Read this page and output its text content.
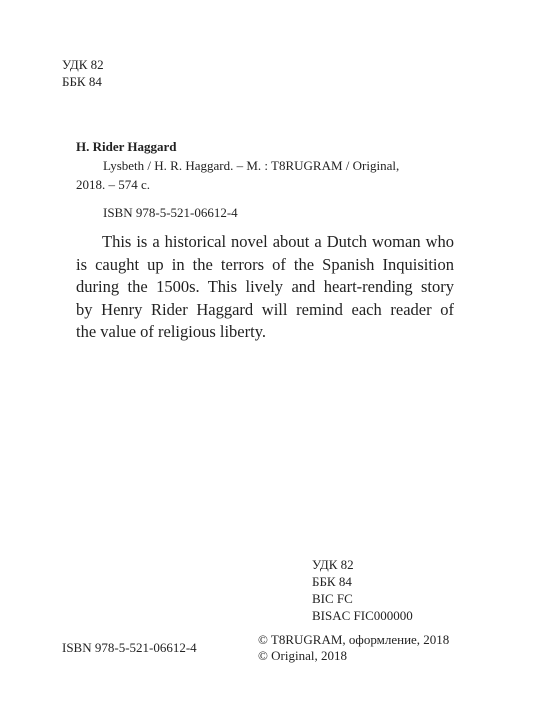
УДК 82
ББК 84
H. Rider Haggard
Lysbeth / H. R. Haggard. – M. : T8RUGRAM / Original,
2018. – 574 с.
ISBN 978-5-521-06612-4
This is a historical novel about a Dutch woman who
is caught up in the terrors of the Spanish Inquisition
during the 1500s. This lively and heart-rending story
by Henry Rider Haggard will remind each reader of
the value of religious liberty.
УДК 82
ББК 84
BIC FC
BISAC FIC000000
ISBN 978-5-521-06612-4
© T8RUGRAM, оформление, 2018
© Original, 2018
